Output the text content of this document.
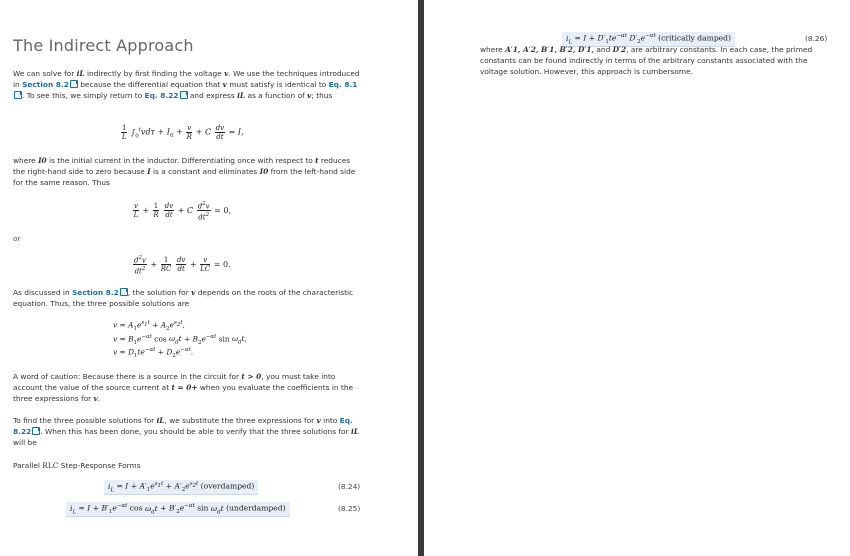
The Indirect Approach

We can solve for iL indirectly by first finding the voltage v. We use the techniques introduced in Section 8.2 because the differential equation that v must satisfy is identical to Eq. 8.1. To see this, we simply return to Eq. 8.22 and express iL as a function of v; thus

$\frac{1}{L} \int_0^tvd\tau + I_0 + \frac{v}{R} + C \frac{dv}{dt} = I$,

where I0 is the initial current in the inductor. Differentiating once with respect to t reduces the right-hand side to zero because I is a constant and eliminates I0 from the left-hand side for the same reason. Thus

$\frac{v}{L} + \frac{1}{R}$
$\frac{dv}{dt} + C \frac{d^2v}{dt^2} = 0$,
or
$\frac{d^2v}{dt^2} + \frac{1}{RC}$
$\frac{dv}{dt} + \frac{v}{LC} = 0$.

As discussed in Section 8.2 , the solution for v depends on the roots of the characteristic equation. Thus, the three possible solutions are

$v = A_1e^{s_1t} + A_2e^{s_2t}$,
$v = B_1e^{-\alpha t}$ $\cos \omega_dt + B_2e^{-\alpha t}$ $\sin \omega_dt$,
$v = D_1te^{-\alpha t} + D_2e^{-\alpha t}$.

A word of caution: Because there is a source in the circuit for t > 0, you must take into account the value of the source current at t = 0+ when you evaluate the coefficients in the three expressions for v.

To find the three possible solutions for iL, we substitute the three expressions for v into Eq. 8.22 . When this has been done, you should be able to verify that the three solutions for iL will be

Parallel RLC Step-Response Forms
$i_L = I + A'_1e^{s_1t} + A'_2e^{s_2t}$ (overdamped)	(8.24)
$i_L = I + B'_1e^{-\alpha t}$ $\cos \omega_dt + B'_2e^{-\alpha t}$ $\sin \omega_dt$ (underdamped)	(8.25)
$i_L = I + D'_1te^{-\alpha t}$ $D'_2e^{-\alpha t}$ (critically damped)	(8.26)

where A′1, A′2, B′1, B′2, D′1, and D′2, are arbitrary constants. In each case, the primed constants can be found indirectly in terms of the arbitrary constants associated with the voltage solution. However, this approach is cumbersome.
